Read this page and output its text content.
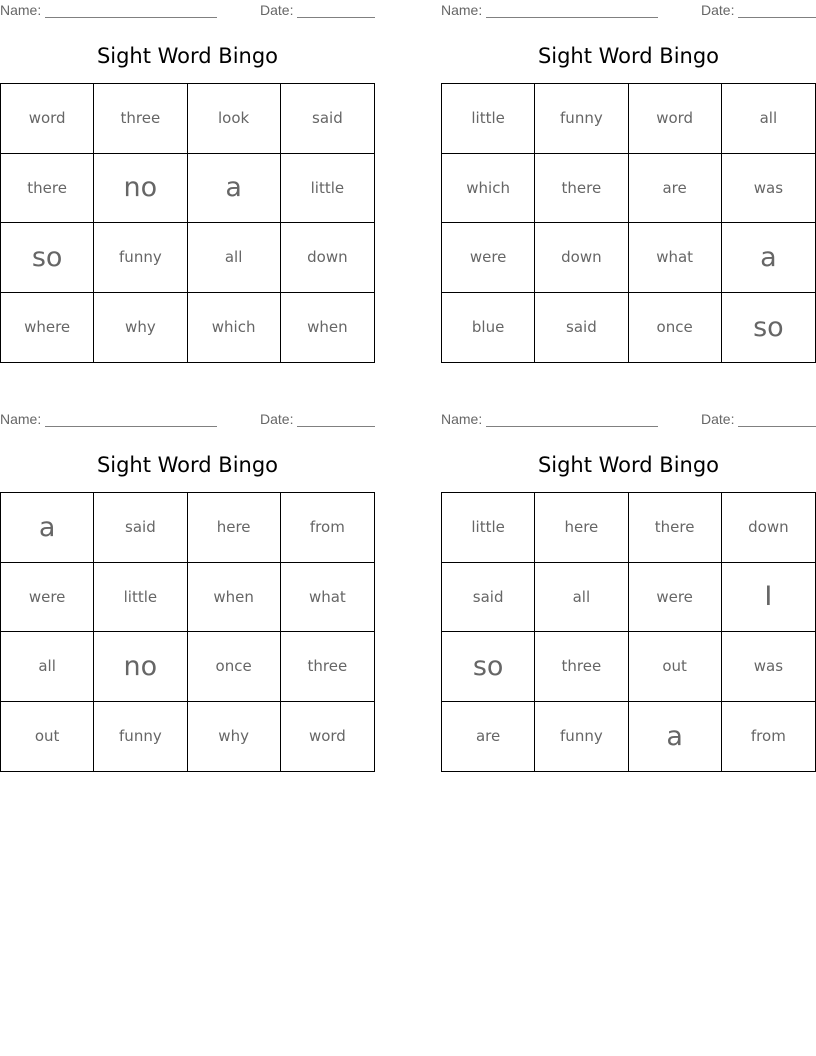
Name:	Date:
Sight Word Bingo
word	three	look	said
there	no	a	little
so	funny	all	down
where	why	which	when
Name:	Date:
Sight Word Bingo
little	funny	word	all
which	there	are	was
were	down	what	a
blue	said	once	so
Name:	Date:
Sight Word Bingo
a	said	here	from
were	little	when	what
all	no	once	three
out	funny	why	word
Name:	Date:
Sight Word Bingo
little	here	there	down
said	all	were	I
so	three	out	was
are	funny	a	from
